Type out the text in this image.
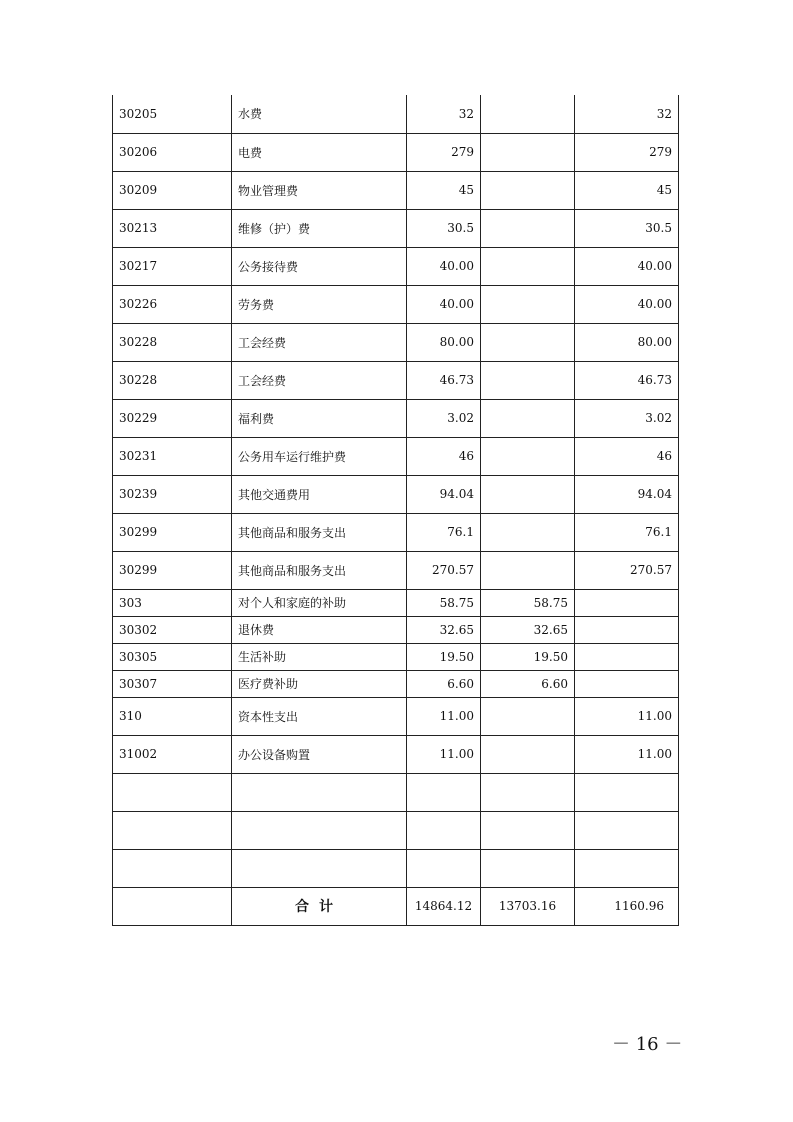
30205	水费	32		32
30206	电费	279		279
30209	物业管理费	45		45
30213	维修（护）费	30.5		30.5
30217	公务接待费	40.00		40.00
30226	劳务费	40.00		40.00
30228	工会经费	80.00		80.00
30228	工会经费	46.73		46.73
30229	福利费	3.02		3.02
30231	公务用车运行维护费	46		46
30239	其他交通费用	94.04		94.04
30299	其他商品和服务支出	76.1		76.1
30299	其他商品和服务支出	270.57		270.57
303	对个人和家庭的补助	58.75	58.75	
30302	退休费	32.65	32.65	
30305	生活补助	19.50	19.50	
30307	医疗费补助	6.60	6.60	
310	资本性支出	11.00		11.00
31002	办公设备购置	11.00		11.00

	合计	14864.12	13703.16	1160.96
－ 16 －
